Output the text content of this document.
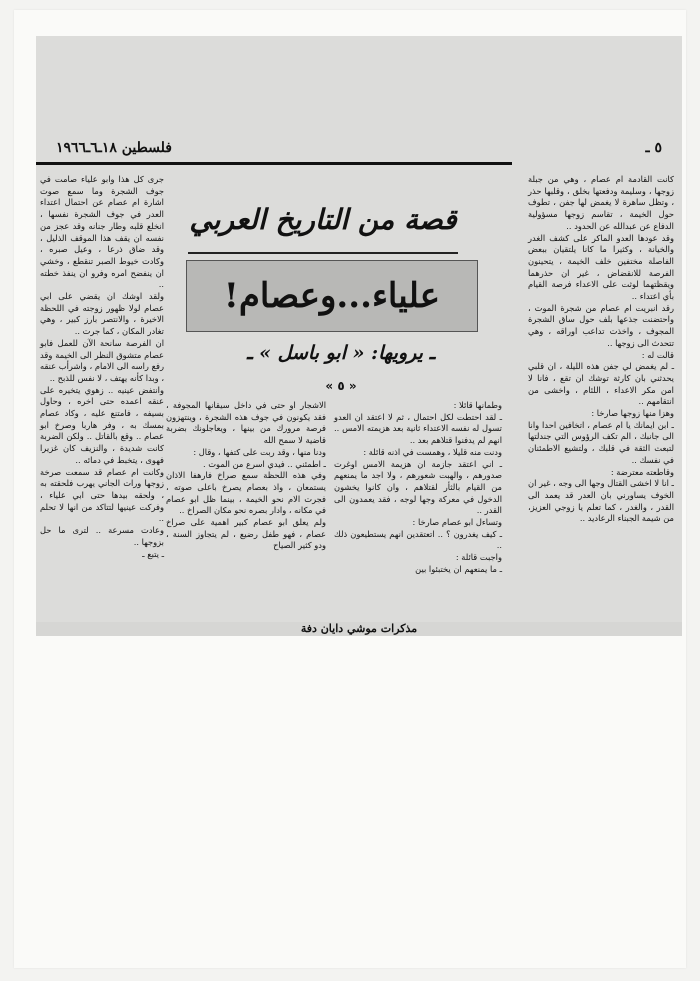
٥ ـ
فلسطين ١٨ـ٦ـ١٩٦٦
كانت القادمة ام عصام ، وهي من جبلة زوجها ، وسليمة ودفعتها بخلق ، وقلبها حذر ، وتظل ساهرة لا يغمض لها جفن ، تطوف حول الخيمة ، تقاسم زوجها مسؤولية الدفاع عن عبدالله عن الحدود ..
وقد عودها العدو الماكر على كشف الغدر والخيانة ، وكثيرا ما كانا يلتقيان ببعض الفاصلة مختفين خلف الخيمة ، يتحينون الفرصة للانقضاض ، غير ان حذرهما ويقظتهما لوثت على الاعداء فرصة القيام بأي اعتداء ..
رقد انبريت ام عصام من شجرة الموت ، واحتضنت جذعها بلف حول ساق الشجرة المجوف ، واخذت تداعب اوراقه ، وهي تتحدث الى زوجها ..
قالت له :
ـ لم يغمض لي جفن هذه الليلة ، ان قلبي يحدثني بان كارثة توشك ان تقع ، فانا لا امن مكر الاعداء ، اللئام ، واخشى من انتقامهم ..
وهزا منها زوجها صارخا :
ـ ابن ايمانك يا ام عصام ، اتخافين احدا وانا الى جانبك ، الم تكف الرؤوس التي جندلتها لتبعث الثقة في قلبك ، ولتشيع الاطمئنان في نفسك ..
وقاطعته معترضة :
ـ انا لا اخشى القتال وجها الى وجه ، غير ان الخوف يساورني بان العدر قد يعمد الى القدر ، والغدر ، كما تعلم يا زوجي العزيز، من شيمة الجبناء الرعاديد ..
قصة من التاريخ العربي
علياء...وعصام!
ـ يرويها: « ابو باسل » ـ
« ٥ »
وطمانها قائلا :
ـ لقد احتطت لكل احتمال ، ثم لا اعتقد ان العدو تسول له نفسه الاعتداء ثانية بعد هزيمته الامس .. انهم لم يدفنوا قتلاهم بعد ..
ودنت منه قليلا ، وهمست في اذنه قائلة :
ـ اني اعتقد جازمة ان هزيمة الامس اوغرت صدورهم ، والهبت شعورهم ، ولا اجد ما يمنعهم من القيام بالثأر لقتلاهم ، وان كانوا يخشون الدخول في معركة وجها لوجه ، فقد يعمدون الى القدر ..
وتساءل ابو عصام صارخا :
ـ كيف يغدرون ؟ .. اتعتقدين انهم يستطيعون ذلك ..
واجبت قائلة :
ـ ما يمنعهم ان يختبئوا بين
الاشجار او حتى في داخل سيقانها المجوفة ، فقد يكونون في جوف هذه الشجرة ، وينتهزون فرصة مرورك من بينها ، ويعاجلونك بضربة قاضية لا سمح الله
ودنا منها ، وقد ربت على كتفها ، وقال :
ـ اطمئني .. فيدي اسرع من الموت .
وفي هذه اللحظة سمع صراخ فارهفا الاذان يستمعان ، واذ بعصام يصرخ باعلى صوته ، فجرت الام نحو الخيمة ، بينما ظل ابو عصام في مكانه ، وادار بصره نحو مكان الصراخ ..
ولم يعلق ابو عصام كبير اهمية على صراخ عصام ، فهو طفل رضيع ، لم يتجاوز السنة ، ودو كثير الصياح
جرى كل هذا وابو علياء صامت في جوف الشجرة وما سمع صوت اشارة ام عصام عن احتمال اعتداء العدر في جوف الشجرة نفسها ، انخلع قلبه وطار جنانه وقد عجز من نفسه ان يقف هذا الموقف الذليل ، وقد ضاق ذرعا ، وعيل صبره ، وكادت خيوط الصبر تنقطع ، وخشي ان ينفضح امره وفرو ان ينفذ خطته ..
ولقد اوشك ان يقضي على ابي عصام لولا ظهور زوجته في اللحظة الاخيرة ، والانتصر بارز كبير ، وهي تغادر المكان ، كما جرت ..
ان الفرصة سانحة الآن للعمل فابو عصام متشوق النظر الى الخيمة وقد رفع راسه الى الامام ، واشرأب عنقه ، وبدا كأنه يهتف ، لا نفس للذبح ..
وانتفض عينيه .. زهوي يتخيره على عنقه اعمده حتى اخره ، وحاول بسيفه ، فامتنع عليه ، وكاد عصام بمسك به ، وفر هاربا وصرخ ابو عصام .. وقع بالقاتل .. ولكن الضربة كانت شديدة ، والنزيف كان غزيرا فهوى ، يتخبط في دمائه ..
وكانت ام عصام قد سمعت صرخة زوجها ورات الجاني يهرب فلحقته به ، ولحقه بيدها حتى ابي علياء ، وفركت عينيها لتتاكد من انها لا تحلم ..
وعادت مسرعة .. لترى ما حل بزوجها ..
ـ يتبع ـ
مذكرات موشي دايان دفة
